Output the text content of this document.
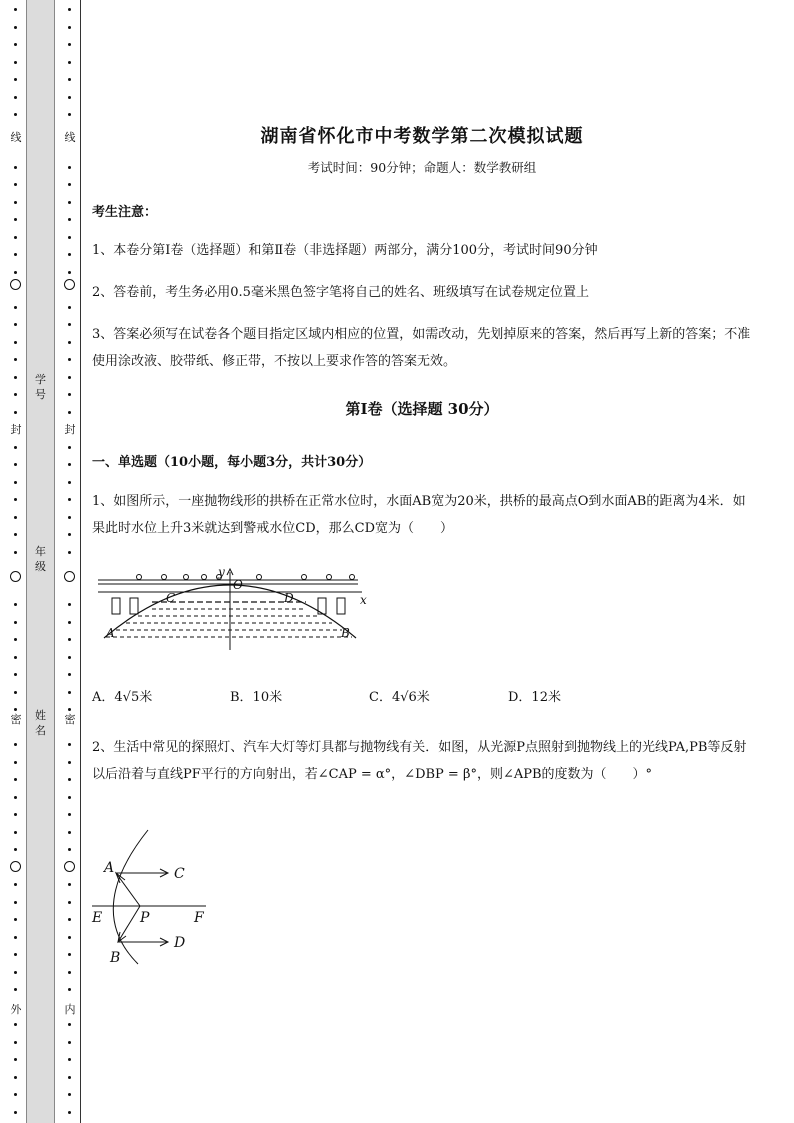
线
封
密
外
学号
年级
姓名
线
封
密
内
湖南省怀化市中考数学第二次模拟试题
考试时间：90分钟；命题人：数学教研组
考生注意：
1、本卷分第I卷（选择题）和第Ⅱ卷（非选择题）两部分，满分100分，考试时间90分钟
2、答卷前，考生务必用0.5毫米黑色签字笔将自己的姓名、班级填写在试卷规定位置上
3、答案必须写在试卷各个题目指定区域内相应的位置，如需改动，先划掉原来的答案，然后再写上新的答案；不准使用涂改液、胶带纸、修正带，不按以上要求作答的答案无效。
第I卷（选择题 30分）
一、单选题（10小题，每小题3分，共计30分）
1、如图所示，一座抛物线形的拱桥在正常水位时，水面AB宽为20米，拱桥的最高点O到水面AB的距离为4米．如果此时水位上升3米就达到警戒水位CD，那么CD宽为（　　）
y
x
O
C	D
A	B
A．4√5米	B．10米	C．4√6米	D．12米
2、生活中常见的探照灯、汽车大灯等灯具都与抛物线有关．如图，从光源P点照射到抛物线上的光线PA,PB等反射以后沿着与直线PF平行的方向射出，若∠CAP = α°，∠DBP = β°，则∠APB的度数为（　　）°
A	C
E	P	F
B
D
